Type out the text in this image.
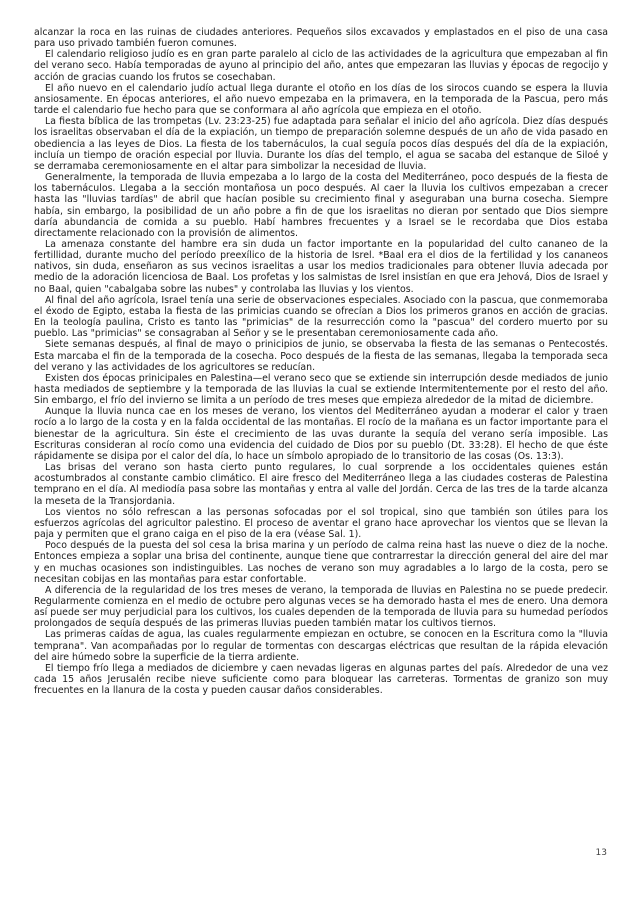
alcanzar la roca en las ruinas de ciudades anteriores. Pequeños silos excavados y emplastados en el piso de una casa para uso privado también fueron comunes.

El calendario religioso judío es en gran parte paralelo al ciclo de las actividades de la agricultura que empezaban al fin del verano seco. Había temporadas de ayuno al principio del año, antes que empezaran las lluvias y épocas de regocijo y acción de gracias cuando los frutos se cosechaban.

El año nuevo en el calendario judío actual llega durante el otoño en los días de los sirocos cuando se espera la lluvia ansiosamente. En épocas anteriores, el año nuevo empezaba en la primavera, en la temporada de la Pascua, pero más tarde el calendario fue hecho para que se conformara al año agrícola que empieza en el otoño.

La fiesta bíblica de las trompetas (Lv. 23:23-25) fue adaptada para señalar el inicio del año agrícola. Diez días después los israelitas observaban el día de la expiación, un tiempo de preparación solemne después de un año de vida pasado en obediencia a las leyes de Dios. La fiesta de los tabernáculos, la cual seguía pocos días después del día de la expiación, incluía un tiempo de oración especial por lluvia. Durante los días del templo, el agua se sacaba del estanque de Siloé y se derramaba ceremoniosamente en el altar para simbolizar la necesidad de lluvia.

Generalmente, la temporada de lluvia empezaba a lo largo de la costa del Mediterráneo, poco después de la fiesta de los tabernáculos. Llegaba a la sección montañosa un poco después. Al caer la lluvia los cultivos empezaban a crecer hasta las "lluvias tardías" de abril que hacían posible su crecimiento final y aseguraban una burna cosecha. Siempre había, sin embargo, la posibilidad de un año pobre a fin de que los israelitas no dieran por sentado que Dios siempre daría abundancia de comida a su pueblo. Habí hambres frecuentes y a Israel se le recordaba que Dios estaba directamente relacionado con la provisión de alimentos.

La amenaza constante del hambre era sin duda un factor importante en la popularidad del culto cananeo de la fertillidad, durante mucho del período preexílico de la historia de Isrel. *Baal era el dios de la fertilidad y los cananeos nativos, sin duda, enseñaron as sus vecinos israelitas a usar los medios tradicionales para obtener lluvia adecada por medio de la adoración licenciosa de Baal. Los profetas y los salmistas de Isrel insistían en que era Jehová, Dios de Israel y no Baal, quien "cabalgaba sobre las nubes" y controlaba las lluvias y los vientos.

Al final del año agrícola, Israel tenía una serie de observaciones especiales. Asociado con la pascua, que conmemoraba el éxodo de Egipto, estaba la fiesta de las primicias cuando se ofrecían a Dios los primeros granos en acción de gracias. En la teología paulina, Cristo es tanto las "primicias" de la resurrección como la "pascua" del cordero muerto por su pueblo. Las "primicias" se consagraban al Señor y se le presentaban ceremoniosamente cada año.

Siete semanas después, al final de mayo o prinicipios de junio, se observaba la fiesta de las semanas o Pentecostés. Esta marcaba el fin de la temporada de la cosecha. Poco después de la fiesta de las semanas, llegaba la temporada seca del verano y las actividades de los agricultores se reducían.

Existen dos épocas prinicipales en Palestina—el verano seco que se extiende sin interrupción desde mediados de junio hasta mediados de septiembre y la temporada de las lluvias la cual se extiende Intermitentemente por el resto del año. Sin embargo, el frío del invierno se limita a un período de tres meses que empieza alrededor de la mitad de diciembre.

Aunque la lluvia nunca cae en los meses de verano, los vientos del Mediterráneo ayudan a moderar el calor y traen rocío a lo largo de la costa y en la falda occidental de las montañas. El rocío de la mañana es un factor importante para el bienestar de la agricultura. Sin éste el crecimiento de las uvas durante la sequía del verano sería imposible. Las Escrituras consideran al rocío como una evidencia del cuidado de Dios por su pueblo (Dt. 33:28). El hecho de que éste rápidamente se disipa por el calor del día, lo hace un símbolo apropiado de lo transitorio de las cosas (Os. 13:3).

Las brisas del verano son hasta cierto punto regulares, lo cual sorprende a los occidentales quienes están acostumbrados al constante cambio climático. El aire fresco del Mediterráneo llega a las ciudades costeras de Palestina temprano en el día. Al mediodía pasa sobre las montañas y entra al valle del Jordán. Cerca de las tres de la tarde alcanza la meseta de la Transjordania.

Los vientos no sólo refrescan a las personas sofocadas por el sol tropical, sino que también son útiles para los esfuerzos agrícolas del agricultor palestino. El proceso de aventar el grano hace aprovechar los vientos que se llevan la paja y permiten que el grano caiga en el piso de la era (véase Sal. 1).

Poco después de la puesta del sol cesa la brisa marina y un período de calma reina hast las nueve o diez de la noche. Entonces empieza a soplar una brisa del continente, aunque tiene que contrarrestar la dirección general del aire del mar y en muchas ocasiones son indistinguibles. Las noches de verano son muy agradables a lo largo de la costa, pero se necesitan cobijas en las montañas para estar confortable.

A diferencia de la regularidad de los tres meses de verano, la temporada de lluvias en Palestina no se puede predecir. Regularmente comienza en el medio de octubre pero algunas veces se ha demorado hasta el mes de enero. Una demora así puede ser muy perjudicial para los cultivos, los cuales dependen de la temporada de lluvia para su humedad períodos prolongados de sequía después de las primeras lluvias pueden también matar los cultivos tiernos.

Las primeras caídas de agua, las cuales regularmente empiezan en octubre, se conocen en la Escritura como la "lluvia temprana". Van acompañadas por lo regular de tormentas con descargas eléctricas que resultan de la rápida elevación del aire húmedo sobre la superficie de la tierra ardiente.

El tiempo frío llega a mediados de diciembre y caen nevadas ligeras en algunas partes del país. Alrededor de una vez cada 15 años Jerusalén recibe nieve suficiente como para bloquear las carreteras. Tormentas de granizo son muy frecuentes en la llanura de la costa y pueden causar daños considerables.

13
